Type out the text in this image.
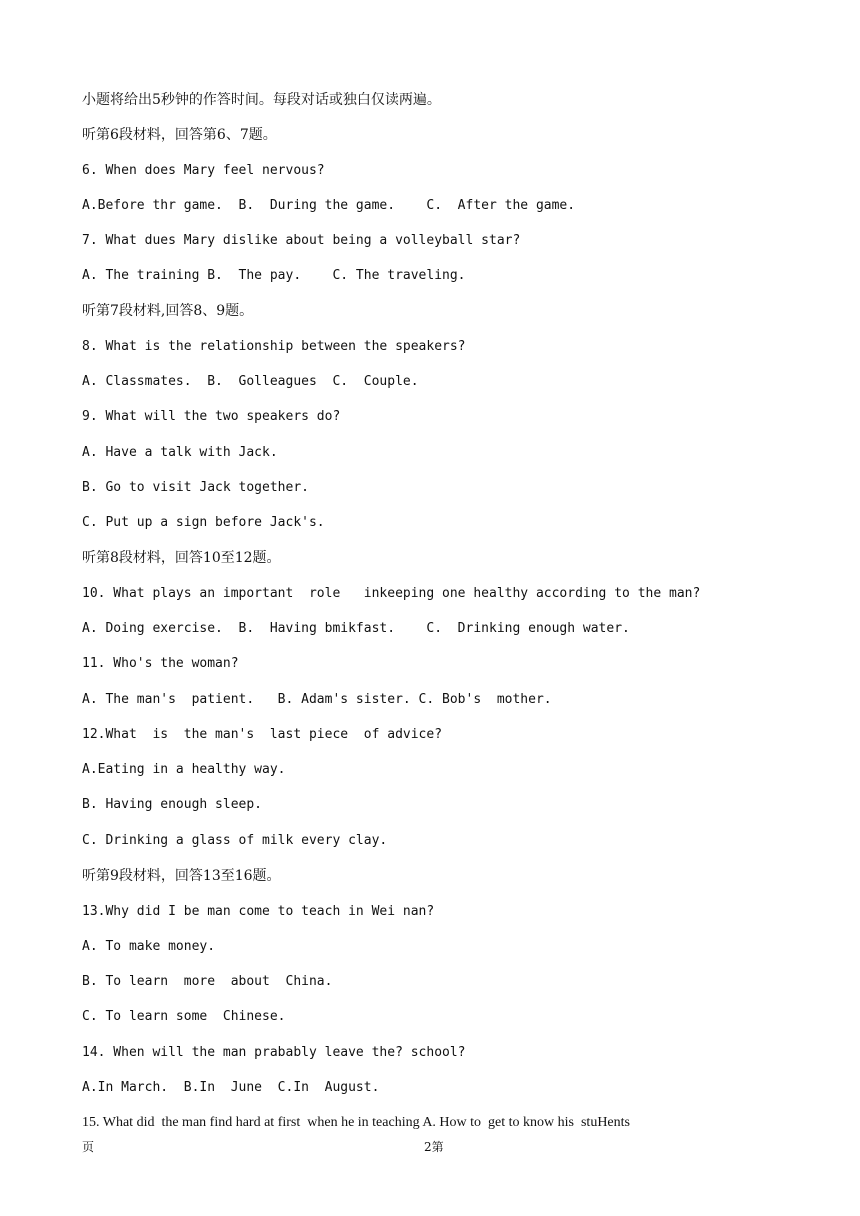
小题将给出5秒钟的作答时间。每段对话或独白仅读两遍。
听第6段材料，回答第6、7题。
6. When does Mary feel nervous?
A.Before thr game.  B.  During the game.    C.  After the game.
7. What dues Mary dislike about being a volleyball star?
A. The training B.  The pay.    C. The traveling.
听第7段材料,回答8、9题。
8. What is the relationship between the speakers?
A. Classmates.  B.  Golleagues  C.  Couple.
9. What will the two speakers do?
A. Have a talk with Jack.
B. Go to visit Jack together.
C. Put up a sign before Jack's.
听第8段材料，回答10至12题。
10. What plays an important  role   inkeeping one healthy according to the man?
A. Doing exercise.  B.  Having bmikfast.    C.  Drinking enough water.
11. Who's the woman?
A. The man's  patient.   B. Adam's sister. C. Bob's  mother.
12.What  is  the man's  last piece  of advice?
A.Eating in a healthy way.
B. Having enough sleep.
C. Drinking a glass of milk every clay.
听第9段材料，回答13至16题。
13.Why did I be man come to teach in Wei nan?
A. To make money.
B. To learn  more  about  China.
C. To learn some  Chinese.
14. When will the man prabably leave the? school?
A.In March.  B.In  June  C.In  August.
15. What did  the man find hard at first  when he in teaching A. How to  get to know his  stuHents
页	2第
